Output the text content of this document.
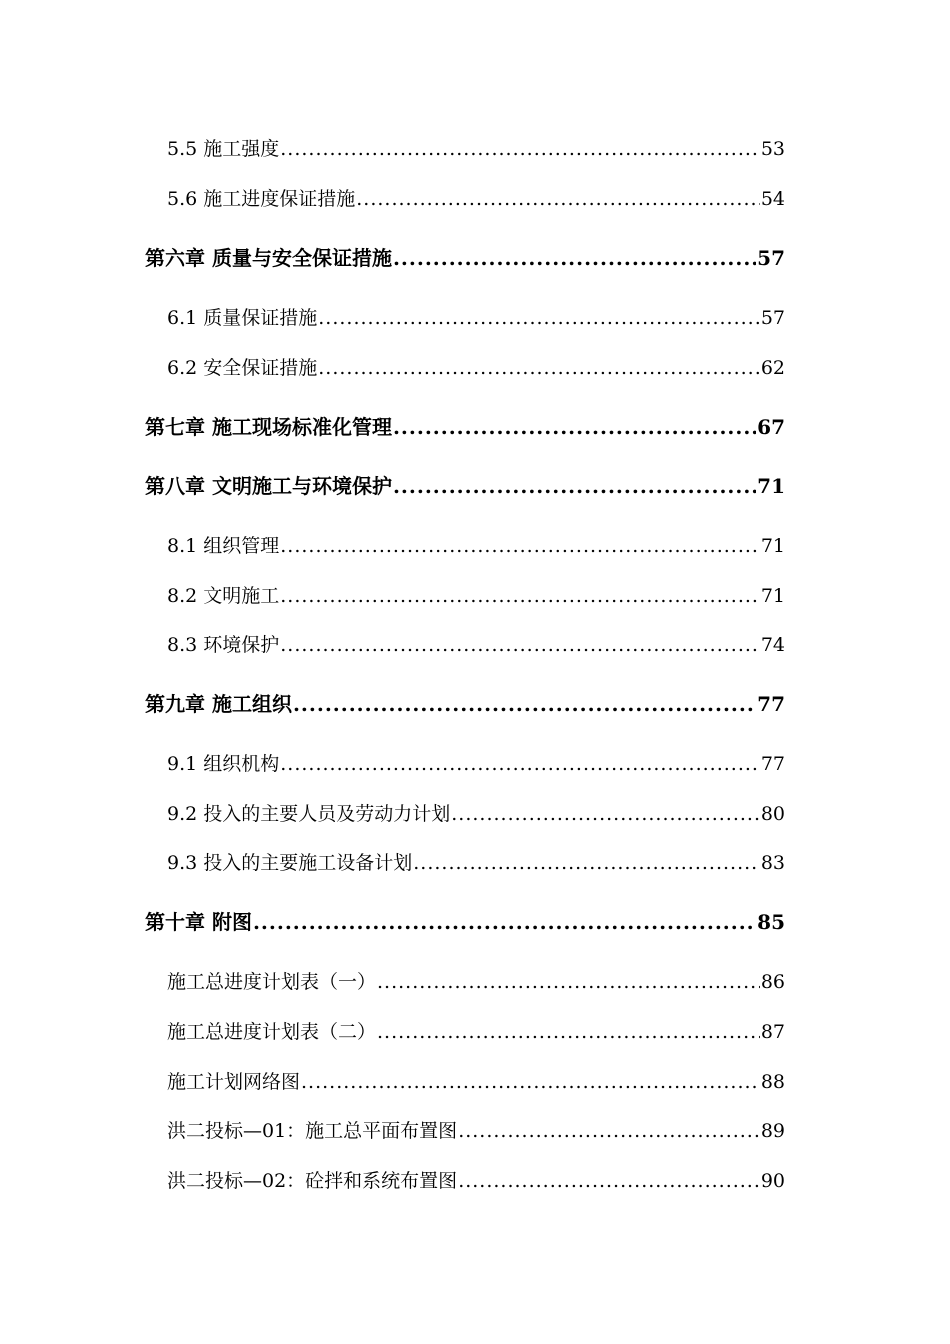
5.5 施工强度 .....	53
5.6 施工进度保证措施 .....	54
第六章 质量与安全保证措施 .....	57
6.1 质量保证措施 .....	57
6.2 安全保证措施 .....	62
第七章 施工现场标准化管理 .....	67
第八章 文明施工与环境保护 .....	71
8.1 组织管理 .....	71
8.2 文明施工 .....	71
8.3 环境保护 .....	74
第九章 施工组织 .....	77
9.1 组织机构 .....	77
9.2 投入的主要人员及劳动力计划 .....	80
9.3 投入的主要施工设备计划 .....	83
第十章 附图 .....	85
施工总进度计划表（一） .....	86
施工总进度计划表（二） .....	87
施工计划网络图 .....	88
洪二投标—01：施工总平面布置图 .....	89
洪二投标—02：砼拌和系统布置图 .....	90
